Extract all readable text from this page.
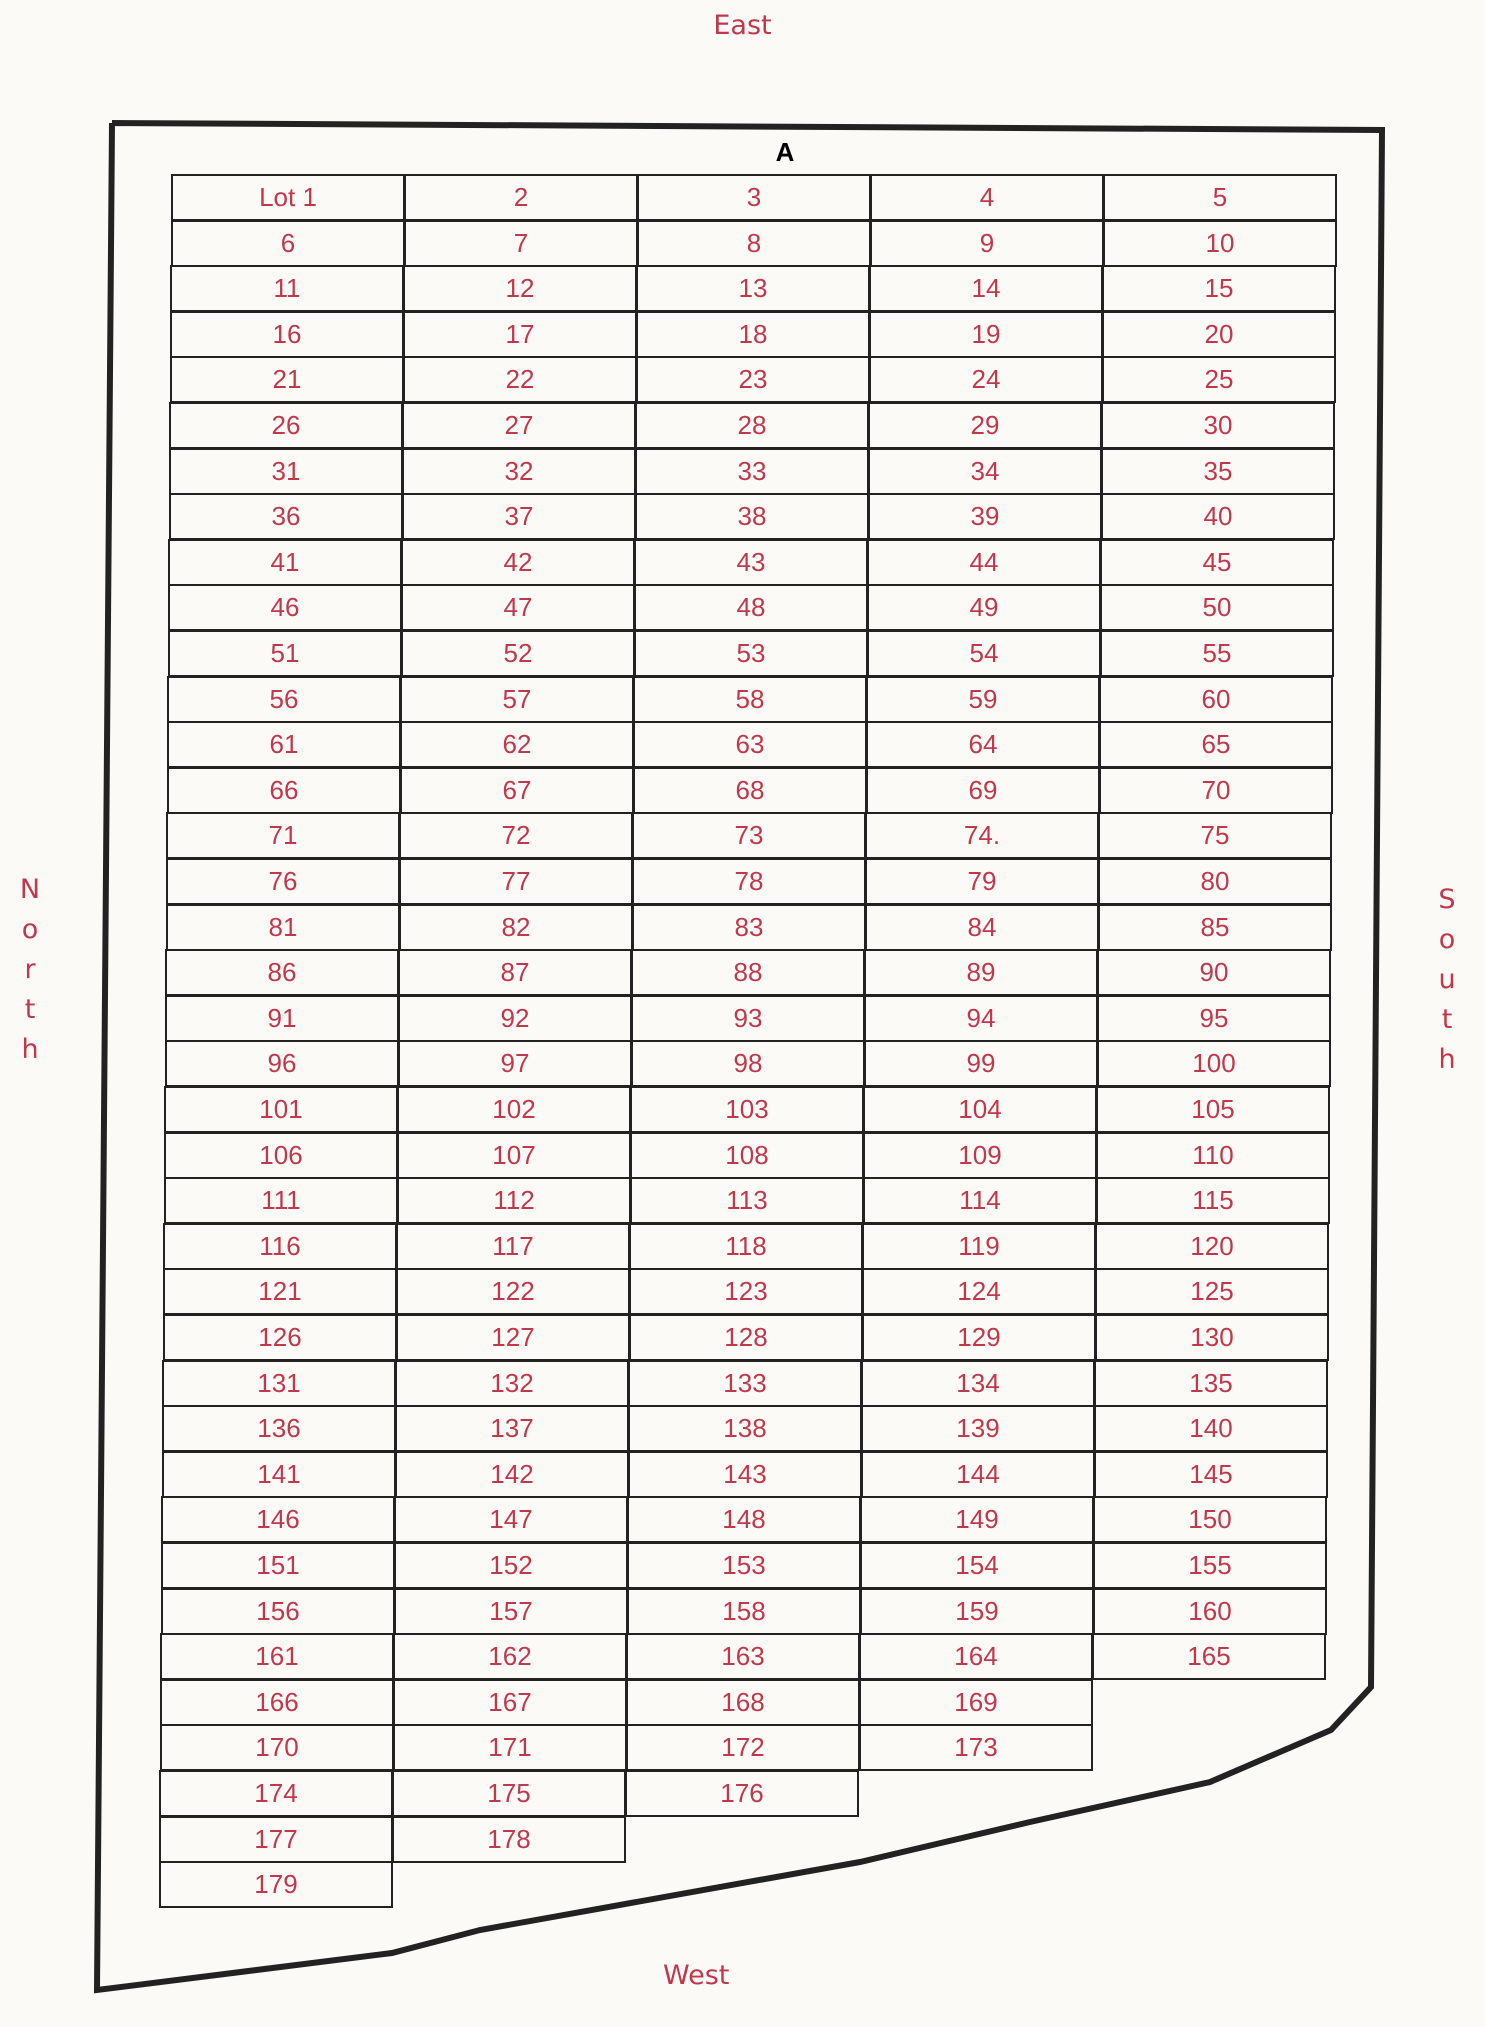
East
N
o
r
t
h
S
o
u
t
h
West
A
Lot 1
6
11
16
21
26
31
36
41
46
51
56
61
66
71
76
81
86
91
96
101
106
111
116
121
126
131
136
141
146
151
156
161
166
170
174
177
179
2
7
12
17
22
27
32
37
42
47
52
57
62
67
72
77
82
87
92
97
102
107
112
117
122
127
132
137
142
147
152
157
162
167
171
175
178
3
8
13
18
23
28
33
38
43
48
53
58
63
68
73
78
83
88
93
98
103
108
113
118
123
128
133
138
143
148
153
158
163
168
172
176
4
9
14
19
24
29
34
39
44
49
54
59
64
69
74.
79
84
89
94
99
104
109
114
119
124
129
134
139
144
149
154
159
164
169
173
5
10
15
20
25
30
35
40
45
50
55
60
65
70
75
80
85
90
95
100
105
110
115
120
125
130
135
140
145
150
155
160
165
